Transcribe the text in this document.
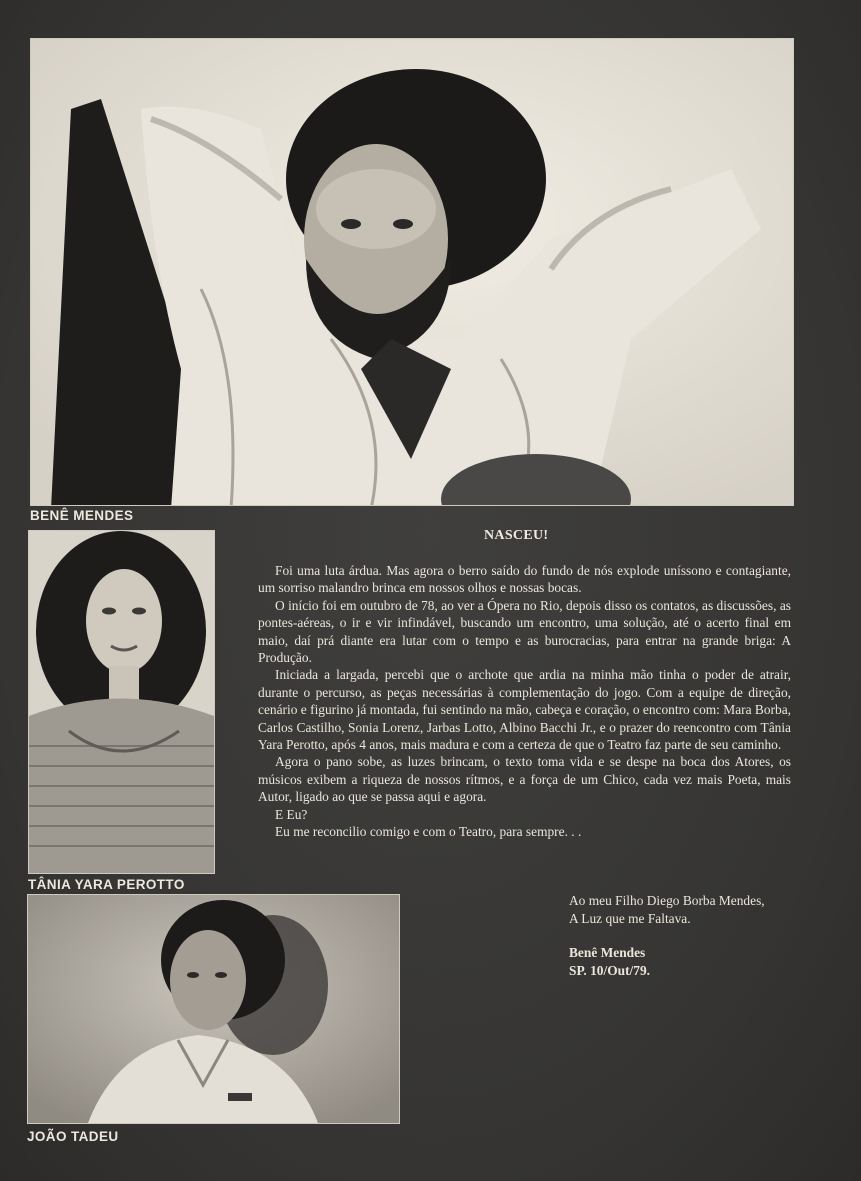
BENÊ MENDES
TÂNIA YARA PEROTTO
JOÃO TADEU
NASCEU!

Foi uma luta árdua. Mas agora o berro saído do fundo de nós explode uníssono e contagiante, um sorriso malandro brinca em nossos olhos e nossas bocas.

O início foi em outubro de 78, ao ver a Ópera no Rio, depois disso os contatos, as discussões, as pontes-aéreas, o ir e vir infindável, buscando um encontro, uma solução, até o acerto final em maio, daí prá diante era lutar com o tempo e as burocracias, para entrar na grande briga: A Produção.

Iniciada a largada, percebi que o archote que ardia na minha mão tinha o poder de atrair, durante o percurso, as peças necessárias à complementação do jogo. Com a equipe de direção, cenário e figurino já montada, fui sentindo na mão, cabeça e coração, o encontro com: Mara Borba, Carlos Castilho, Sonia Lorenz, Jarbas Lotto, Albino Bacchi Jr., e o prazer do reencontro com Tânia Yara Perotto, após 4 anos, mais madura e com a certeza de que o Teatro faz parte de seu caminho.

Agora o pano sobe, as luzes brincam, o texto toma vida e se despe na boca dos Atores, os músicos exibem a riqueza de nossos rítmos, e a força de um Chico, cada vez mais Poeta, mais Autor, ligado ao que se passa aqui e agora.

E Eu?

Eu me reconcilio comigo e com o Teatro, para sempre. . .

Ao meu Filho Diego Borba Mendes,
A Luz que me Faltava.
Benê Mendes
SP. 10/Out/79.
